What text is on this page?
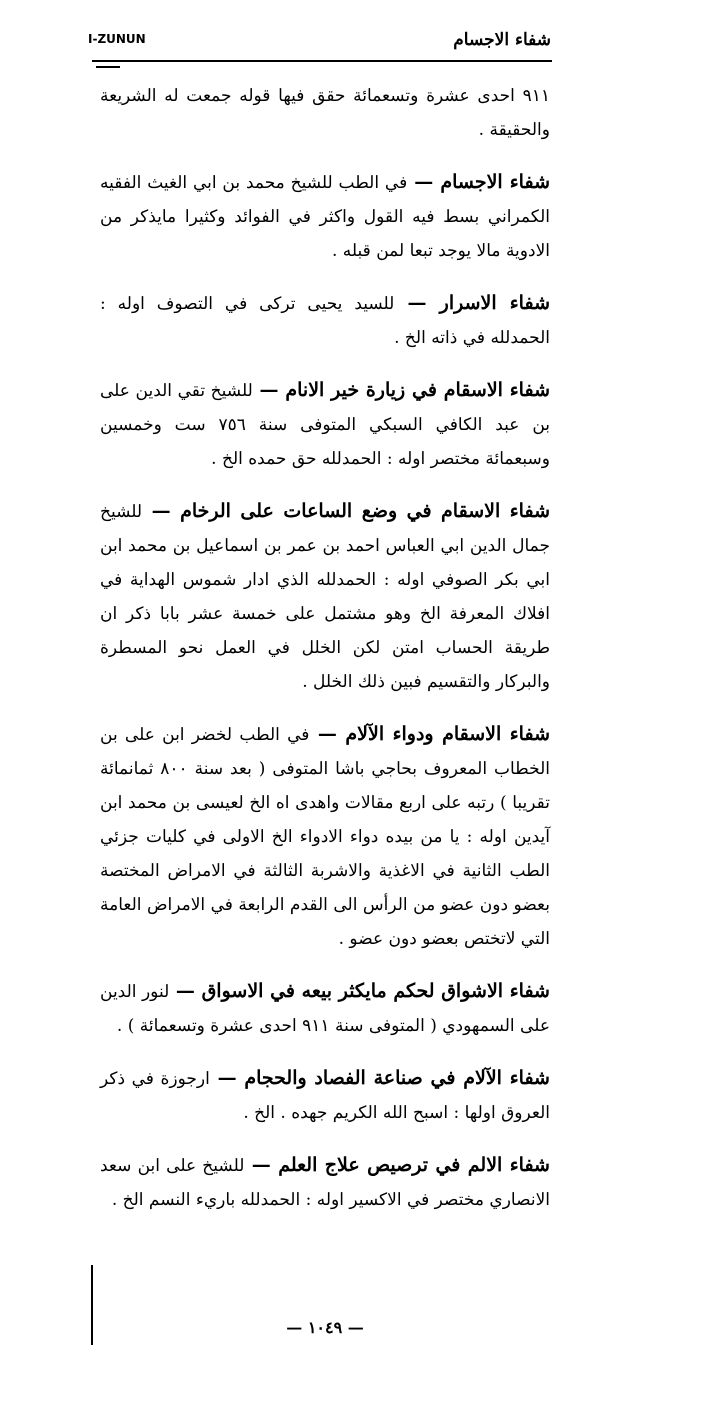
شفاء الاجسام
I-ZUNUN

٩١١ احدى عشرة وتسعمائة حقق فيها قوله جمعت له الشريعة والحقيقة .

شفاء الاجسام — في الطب للشيخ محمد بن ابي الغيث الفقيه الكمراني بسط فيه القول واكثر في الفوائد وكثيرا مايذكر من الادوية مالا يوجد تبعا لمن قبله .

شفاء الاسرار — للسيد يحيى تركى في التصوف اوله : الحمدلله في ذاته الخ .

شفاء الاسقام في زيارة خير الانام — للشيخ تقي الدين على بن عبد الكافي السبكي المتوفى سنة ٧٥٦ ست وخمسين وسبعمائة مختصر اوله : الحمدلله حق حمده الخ .

شفاء الاسقام في وضع الساعات على الرخام — للشيخ جمال الدين ابي العباس احمد بن عمر بن اسماعيل بن محمد ابن ابي بكر الصوفي اوله : الحمدلله الذي ادار شموس الهداية في افلاك المعرفة الخ وهو مشتمل على خمسة عشر بابا ذكر ان طريقة الحساب امتن لكن الخلل في العمل نحو المسطرة والبركار والتقسيم فبين ذلك الخلل .

شفاء الاسقام ودواء الآلام — في الطب لخضر ابن على بن الخطاب المعروف بحاجي باشا المتوفى ( بعد سنة ٨٠٠ ثمانمائة تقريبا ) رتبه على اربع مقالات واهدى اه الخ لعيسى بن محمد ابن آيدين اوله : يا من بيده دواء الادواء الخ الاولى في كليات جزئي الطب الثانية في الاغذية والاشربة الثالثة في الامراض المختصة بعضو دون عضو من الرأس الى القدم الرابعة في الامراض العامة التي لاتختص بعضو دون عضو .

شفاء الاشواق لحكم مايكثر بيعه في الاسواق — لنور الدين على السمهودي ( المتوفى سنة ٩١١ احدى عشرة وتسعمائة ) .

شفاء الآلام في صناعة الفصاد والحجام — ارجوزة في ذكر العروق اولها : اسبح الله الكريم جهده . الخ .

شفاء الالم في ترصيص علاج العلم — للشيخ على ابن سعد الانصاري مختصر في الاكسير اوله : الحمدلله باريء النسم الخ .

— ١٠٤٩ —
